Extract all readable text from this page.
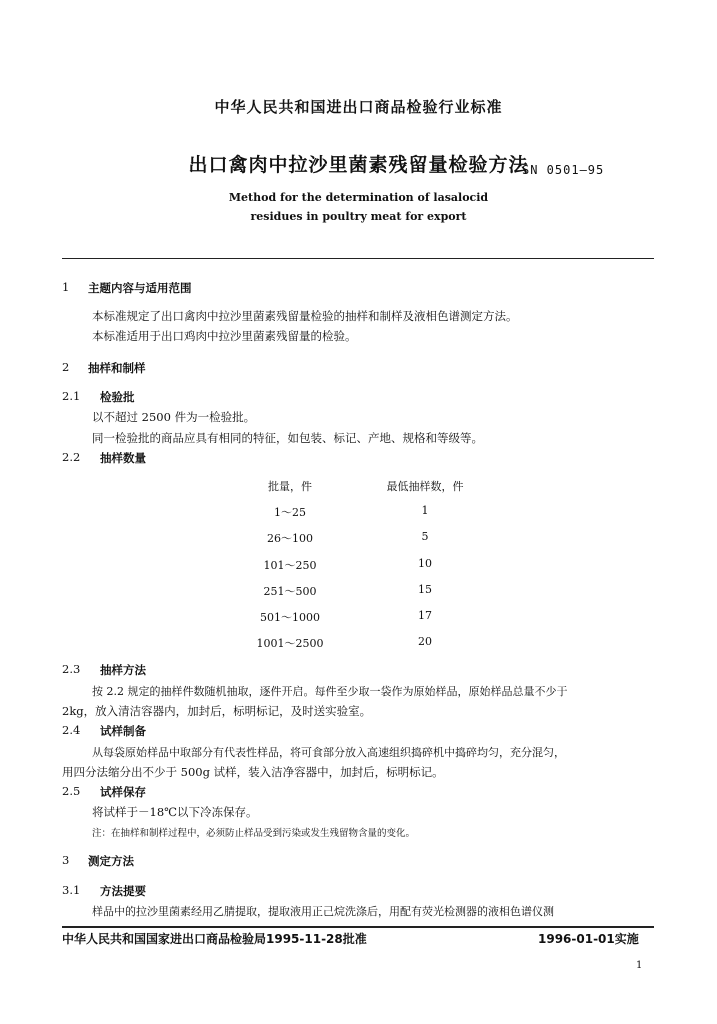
中华人民共和国进出口商品检验行业标准
出口禽肉中拉沙里菌素残留量检验方法
SN 0501—95
Method for the determination of lasalocid
residues in poultry meat for export
1 主题内容与适用范围
本标准规定了出口禽肉中拉沙里菌素残留量检验的抽样和制样及液相色谱测定方法。
本标准适用于出口鸡肉中拉沙里菌素残留量的检验。
2 抽样和制样
2.1 检验批
以不超过 2500 件为一检验批。
同一检验批的商品应具有相同的特征，如包装、标记、产地、规格和等级等。
2.2 抽样数量
批量，件	最低抽样数，件
1～25	1
26～100	5
101～250	10
251～500	15
501～1000	17
1001～2500	20
2.3 抽样方法
按 2.2 规定的抽样件数随机抽取，逐件开启。每件至少取一袋作为原始样品，原始样品总量不少于
2kg，放入清洁容器内，加封后，标明标记，及时送实验室。
2.4 试样制备
从每袋原始样品中取部分有代表性样品，将可食部分放入高速组织捣碎机中捣碎均匀，充分混匀，
用四分法缩分出不少于 500g 试样，装入洁净容器中，加封后，标明标记。
2.5 试样保存
将试样于－18℃以下冷冻保存。
注：在抽样和制样过程中，必须防止样品受到污染或发生残留物含量的变化。
3 测定方法
3.1 方法提要
样品中的拉沙里菌素经用乙腈提取，提取液用正己烷洗涤后，用配有荧光检测器的液相色谱仪测
中华人民共和国国家进出口商品检验局1995-11-28批准	1996-01-01实施
1
